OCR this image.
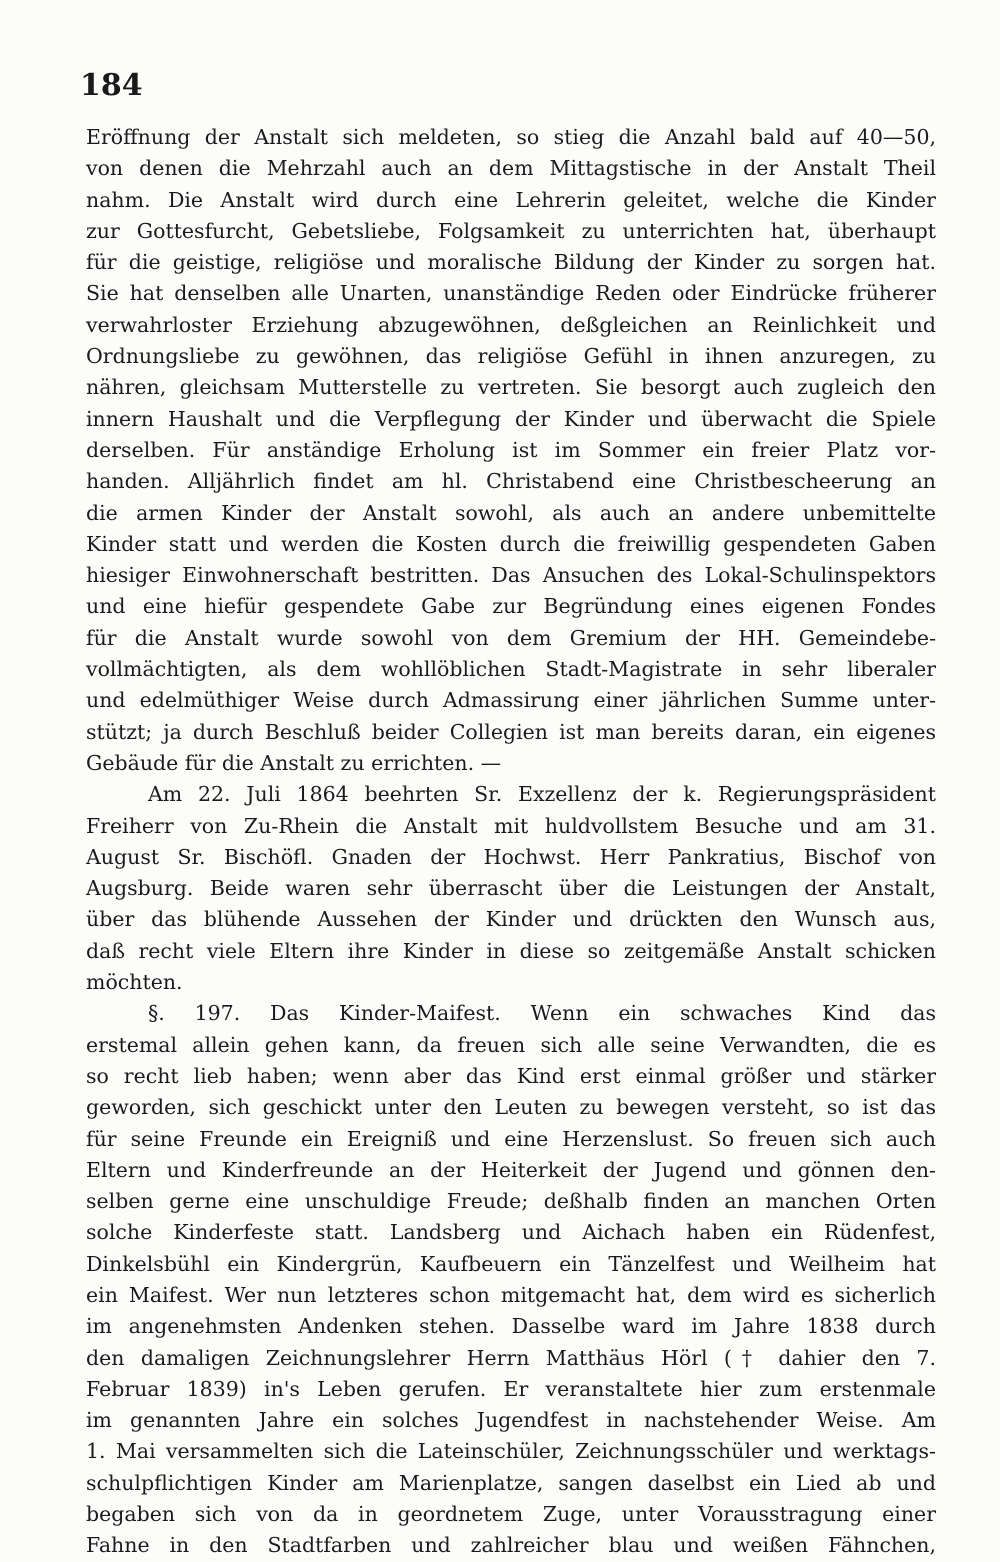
184
Eröffnung der Anstalt sich meldeten, so stieg die Anzahl bald auf 40—50,
von denen die Mehrzahl auch an dem Mittagstische in der Anstalt Theil
nahm. Die Anstalt wird durch eine Lehrerin geleitet, welche die Kinder
zur Gottesfurcht, Gebetsliebe, Folgsamkeit zu unterrichten hat, überhaupt
für die geistige, religiöse und moralische Bildung der Kinder zu sorgen hat.
Sie hat denselben alle Unarten, unanständige Reden oder Eindrücke früherer
verwahrloster Erziehung abzugewöhnen, deßgleichen an Reinlichkeit und
Ordnungsliebe zu gewöhnen, das religiöse Gefühl in ihnen anzuregen, zu
nähren, gleichsam Mutterstelle zu vertreten. Sie besorgt auch zugleich den
innern Haushalt und die Verpflegung der Kinder und überwacht die Spiele
derselben. Für anständige Erholung ist im Sommer ein freier Platz vor-
handen. Alljährlich findet am hl. Christabend eine Christbescheerung an
die armen Kinder der Anstalt sowohl, als auch an andere unbemittelte
Kinder statt und werden die Kosten durch die freiwillig gespendeten Gaben
hiesiger Einwohnerschaft bestritten. Das Ansuchen des Lokal-Schulinspektors
und eine hiefür gespendete Gabe zur Begründung eines eigenen Fondes
für die Anstalt wurde sowohl von dem Gremium der HH. Gemeindebe-
vollmächtigten, als dem wohllöblichen Stadt-Magistrate in sehr liberaler
und edelmüthiger Weise durch Admassirung einer jährlichen Summe unter-
stützt; ja durch Beschluß beider Collegien ist man bereits daran, ein eigenes
Gebäude für die Anstalt zu errichten. —
Am 22. Juli 1864 beehrten Sr. Exzellenz der k. Regierungspräsident
Freiherr von Zu-Rhein die Anstalt mit huldvollstem Besuche und am 31.
August Sr. Bischöfl. Gnaden der Hochwst. Herr Pankratius, Bischof von
Augsburg. Beide waren sehr überrascht über die Leistungen der Anstalt,
über das blühende Aussehen der Kinder und drückten den Wunsch aus,
daß recht viele Eltern ihre Kinder in diese so zeitgemäße Anstalt schicken
möchten.
§. 197. Das Kinder-Maifest. Wenn ein schwaches Kind das
erstemal allein gehen kann, da freuen sich alle seine Verwandten, die es
so recht lieb haben; wenn aber das Kind erst einmal größer und stärker
geworden, sich geschickt unter den Leuten zu bewegen versteht, so ist das
für seine Freunde ein Ereigniß und eine Herzenslust. So freuen sich auch
Eltern und Kinderfreunde an der Heiterkeit der Jugend und gönnen den-
selben gerne eine unschuldige Freude; deßhalb finden an manchen Orten
solche Kinderfeste statt. Landsberg und Aichach haben ein Rüdenfest,
Dinkelsbühl ein Kindergrün, Kaufbeuern ein Tänzelfest und Weilheim hat
ein Maifest. Wer nun letzteres schon mitgemacht hat, dem wird es sicherlich
im angenehmsten Andenken stehen. Dasselbe ward im Jahre 1838 durch
den damaligen Zeichnungslehrer Herrn Matthäus Hörl († dahier den 7.
Februar 1839) in's Leben gerufen. Er veranstaltete hier zum erstenmale
im genannten Jahre ein solches Jugendfest in nachstehender Weise. Am
1. Mai versammelten sich die Lateinschüler, Zeichnungsschüler und werktags-
schulpflichtigen Kinder am Marienplatze, sangen daselbst ein Lied ab und
begaben sich von da in geordnetem Zuge, unter Vorausstragung einer
Fahne in den Stadtfarben und zahlreicher blau und weißen Fähnchen,
